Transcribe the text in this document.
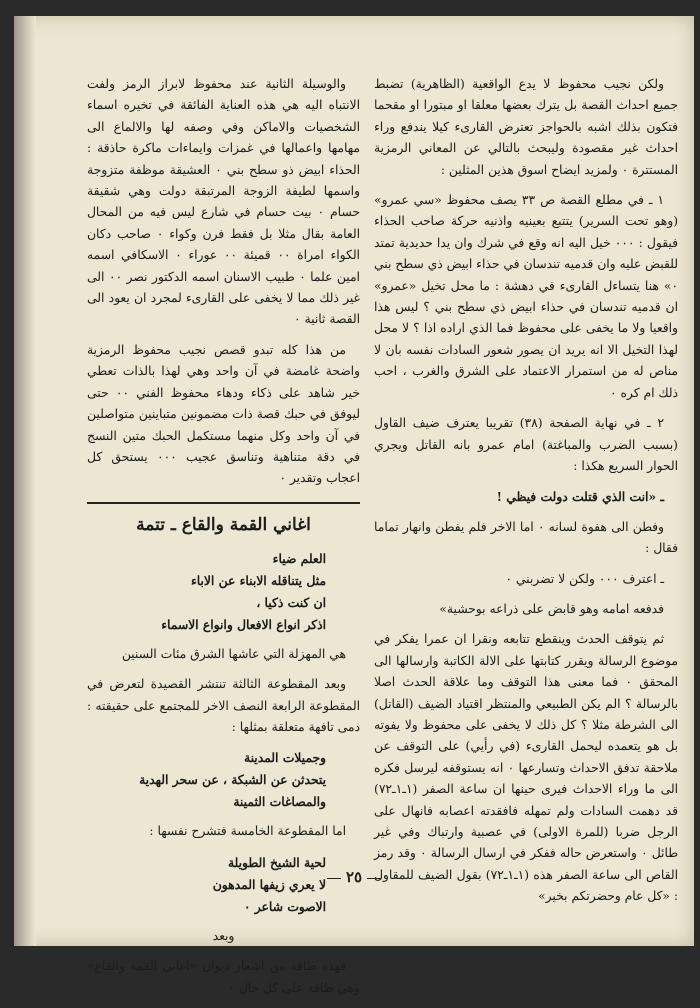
ولكن نجيب محفوظ لا يدع الواقعية (الظاهرية) تضبط جميع احداث القصة بل يترك بعضها معلقا او مبتورا او مقحما فتكون بذلك اشبه بالحواجز تعترض القارىء كيلا يندفع وراء احداث غير مقصودة وليبحث بالتالي عن المعاني الرمزية المستترة ٠ ولمزيد ايضاح اسوق هذين المثلين :

١ ـ في مطلع القصة ص ٣٣ يصف محفوظ «سي عمرو» (وهو تحت السرير) يتتبع بعينيه واذنيه حركة صاحب الحذاء فيقول : ٠٠٠ خيل اليه انه وقع في شرك وان يدا حديدية تمتد للقبض عليه وان قدميه تندسان في حذاء ابيض ذي سطح بني ٠» هنا يتساءل القارىء في دهشة : ما محل تخيل «عمرو» ان قدميه تندسان في حذاء ابيض ذي سطح بني ؟ ليس هذا واقعيا ولا ما يخفى على محفوظ فما الذي اراده اذا ؟ لا محل لهذا التخيل الا انه يريد ان يصور شعور السادات نفسه بان لا مناص له من استمرار الاعتماد على الشرق والغرب ، احب ذلك ام كره ٠

٢ ـ في نهاية الصفحة (٣٨) تقريبا يعترف ضيف القاول (بسبب الضرب والمباغتة) امام عمرو بانه القاتل ويجري الحوار السريع هكذا :

ـ «انت الذي قتلت دولت فيظي !

وفطن الى هفوة لسانه ٠ اما الاخر فلم يفطن وانهار تماما فقال :

ـ اعترف ٠٠٠ ولكن لا تضربني ٠

فدفعه امامه وهو قابض على ذراعه بوحشية»

ثم يتوقف الحدث وينقطع تتابعه ونقرا ان عمرا يفكر في موضوع الرسالة ويقرر كتابتها على الالة الكاتبة وارسالها الى المحقق ٠ فما معنى هذا التوقف وما علاقة الحدث اصلا بالرسالة ؟ الم يكن الطبيعي والمنتظر اقتياد الضيف (القاتل) الى الشرطة مثلا ؟ كل ذلك لا يخفى على محفوظ ولا يفوته بل هو يتعمده ليحمل القارىء (في رأيي) على التوقف عن ملاحقة تدفق الاحداث وتسارعها ٠ انه يستوقفه ليرسل فكره الى ما وراء الاحداث فيرى حينها ان ساعة الصفر (١ـ١ـ٧٢) قد دهمت السادات ولم تمهله فافقدته اعصابه فانهال على الرجل ضربا (للمرة الاولى) في عصبية وارتباك وفي غير طائل ٠ واستعرض حاله ففكر في ارسال الرسالة ٠ وقد رمز القاص الى ساعة الصفر هذه (١ـ١ـ٧٢) بقول الضيف للمقاول : «كل عام وحضرتكم بخير»

والوسيلة الثانية عند محفوظ لابراز الرمز ولفت الانتباه اليه هي هذه العناية الفائقة في تخيره اسماء الشخصيات والاماكن وفي وصفه لها والالماع الى مهامها واعمالها في غمزات وايماءات ماكرة حاذقة : الحذاء ابيض ذو سطح بني ٠ العشيقة موظفة متزوجة واسمها لطيفة الزوجة المرتبقة دولت وهي شقيقة حسام ٠ بيت حسام في شارع ليس فيه من المحال العامة بقال مثلا بل فقط فرن وكواء ٠ صاحب دكان الكواء امراة ٠٠ قميئة ٠٠ عوراء ٠ الاسكافي اسمه امين علما ٠ طبيب الاسنان اسمه الدكتور نصر ٠٠ الى غير ذلك مما لا يخفى على القارىء لمجرد ان يعود الى القصة ثانية ٠

من هذا كله تبدو قصص نجيب محفوظ الرمزية واضحة غامضة في آن واحد وهي لهذا بالذات تعطي خير شاهد على ذكاء ودهاء محفوظ الفني ٠٠ حتى ليوفق في حبك قصة ذات مضمونين متباينين متواصلين في آن واحد وكل منهما مستكمل الحبك متين النسج في دقة متناهية وتناسق عجيب ٠٠٠ يستحق كل اعجاب وتقدير ٠

اغاني القمة والقاع ـ تتمة
العلم ضياء
مثل يتناقله الابناء عن الاباء
ان كنت ذكيا ،
اذكر انواع الافعال وانواع الاسماء

هي المهزلة التي عاشها الشرق مئات السنين

وبعد المقطوعة الثالثة تنتشر القصيدة لتعرض في المقطوعة الرابعة النصف الاخر للمجتمع على حقيقته : دمى تافهة متعلقة بمثلها :

وجميلات المدينة
يتحدثن عن الشبكة ، عن سحر الهدية
والمصاغات الثمينة

اما المقطوعة الخامسة فتشرح نفسها :

لحية الشيخ الطويلة
لا يعري زيفها المدهون
الاصوت شاعر ٠

وبعد

فهذه طاقة من اشعار ديوان «اغاني القمة والقاع» وهي طاقة على كل حال ٠

٢٥
